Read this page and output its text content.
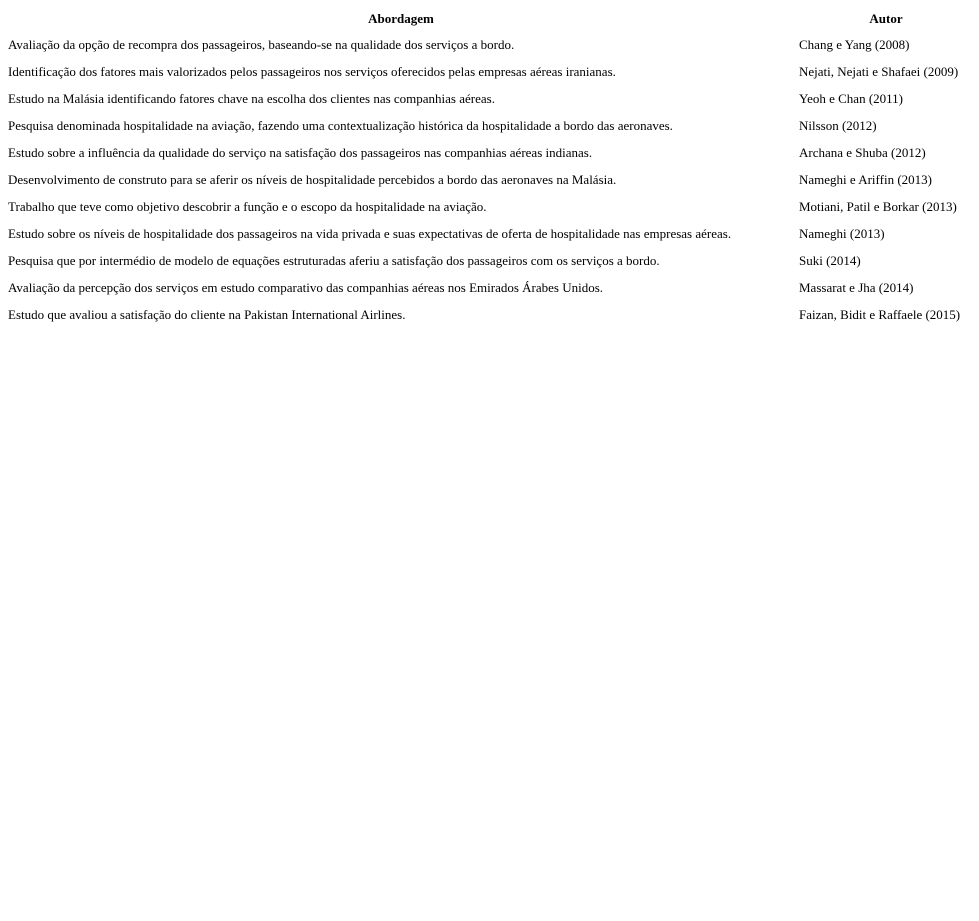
Abordagem	Autor
Avaliação da opção de recompra dos passageiros, baseando-se na qualidade dos serviços a bordo.	Chang e Yang (2008)
Identificação dos fatores mais valorizados pelos passageiros nos serviços oferecidos pelas empresas aéreas iranianas.	Nejati, Nejati e Shafaei (2009)
Estudo na Malásia identificando fatores chave na escolha dos clientes nas companhias aéreas.	Yeoh e Chan (2011)
Pesquisa denominada hospitalidade na aviação, fazendo uma contextualização histórica da hospitalidade a bordo das aeronaves.	Nilsson (2012)
Estudo sobre a influência da qualidade do serviço na satisfação dos passageiros nas companhias aéreas indianas.	Archana e Shuba (2012)
Desenvolvimento de construto para se aferir os níveis de hospitalidade percebidos a bordo das aeronaves na Malásia.	Nameghi e Ariffin (2013)
Trabalho que teve como objetivo descobrir a função e o escopo da hospitalidade na aviação.	Motiani, Patil e Borkar (2013)
Estudo sobre os níveis de hospitalidade dos passageiros na vida privada e suas expectativas de oferta de hospitalidade nas empresas aéreas.	Nameghi (2013)
Pesquisa que por intermédio de modelo de equações estruturadas aferiu a satisfação dos passageiros com os serviços a bordo.	Suki (2014)
Avaliação da percepção dos serviços em estudo comparativo das companhias aéreas nos Emirados Árabes Unidos.	Massarat e Jha (2014)
Estudo que avaliou a satisfação do cliente na Pakistan International Airlines.	Faizan, Bidit e Raffaele (2015)
